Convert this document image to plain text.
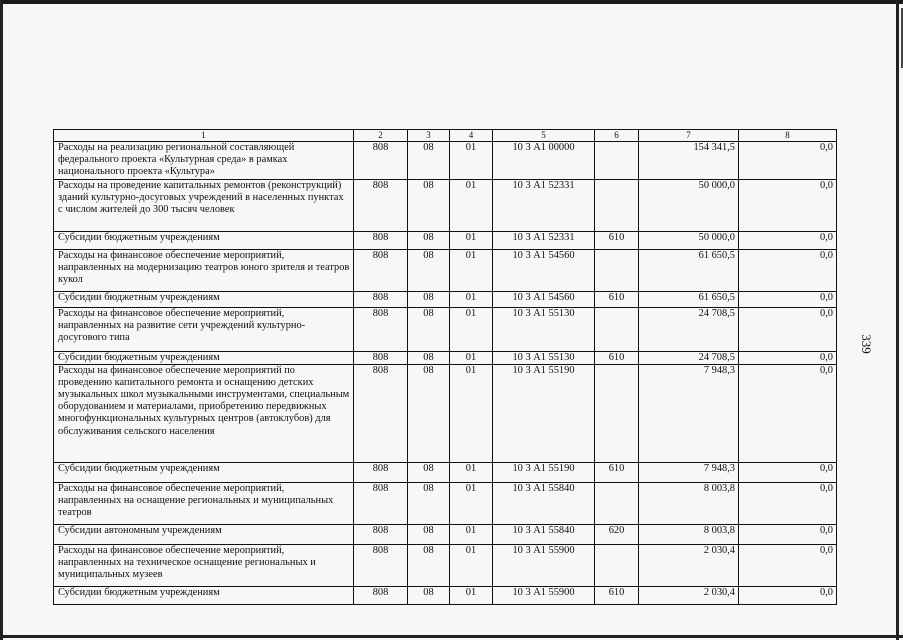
339
1	2	3	4	5	6	7	8
Расходы на реализацию региональной составляющей федерального проекта «Культурная среда» в рамках национального проекта «Культура»	808	08	01	10 3 А1 00000		154 341,5	0,0
Расходы на проведение капитальных ремонтов (реконструкций) зданий культурно-досуговых учреждений в населенных пунктах с числом жителей до 300 тысяч человек	808	08	01	10 3 А1 52331		50 000,0	0,0
Субсидии бюджетным учреждениям	808	08	01	10 3 А1 52331	610	50 000,0	0,0
Расходы на финансовое обеспечение мероприятий, направленных на модернизацию театров юного зрителя и театров кукол	808	08	01	10 3 А1 54560		61 650,5	0,0
Субсидии бюджетным учреждениям	808	08	01	10 3 А1 54560	610	61 650,5	0,0
Расходы на финансовое обеспечение мероприятий, направленных на развитие сети учреждений культурно-досугового типа	808	08	01	10 3 А1 55130		24 708,5	0,0
Субсидии бюджетным учреждениям	808	08	01	10 3 А1 55130	610	24 708,5	0,0
Расходы на финансовое обеспечение мероприятий по проведению капитального ремонта и оснащению детских музыкальных школ музыкальными инструментами, специальным оборудованием и материалами, приобретению передвижных многофункциональных культурных центров (автоклубов) для обслуживания сельского населения	808	08	01	10 3 А1 55190		7 948,3	0,0
Субсидии бюджетным учреждениям	808	08	01	10 3 А1 55190	610	7 948,3	0,0
Расходы на финансовое обеспечение мероприятий, направленных на оснащение региональных и муниципальных театров	808	08	01	10 3 А1 55840		8 003,8	0,0
Субсидии автономным учреждениям	808	08	01	10 3 А1 55840	620	8 003,8	0,0
Расходы на финансовое обеспечение мероприятий, направленных на техническое оснащение региональных и муниципальных музеев	808	08	01	10 3 А1 55900		2 030,4	0,0
Субсидии бюджетным учреждениям	808	08	01	10 3 А1 55900	610	2 030,4	0,0
